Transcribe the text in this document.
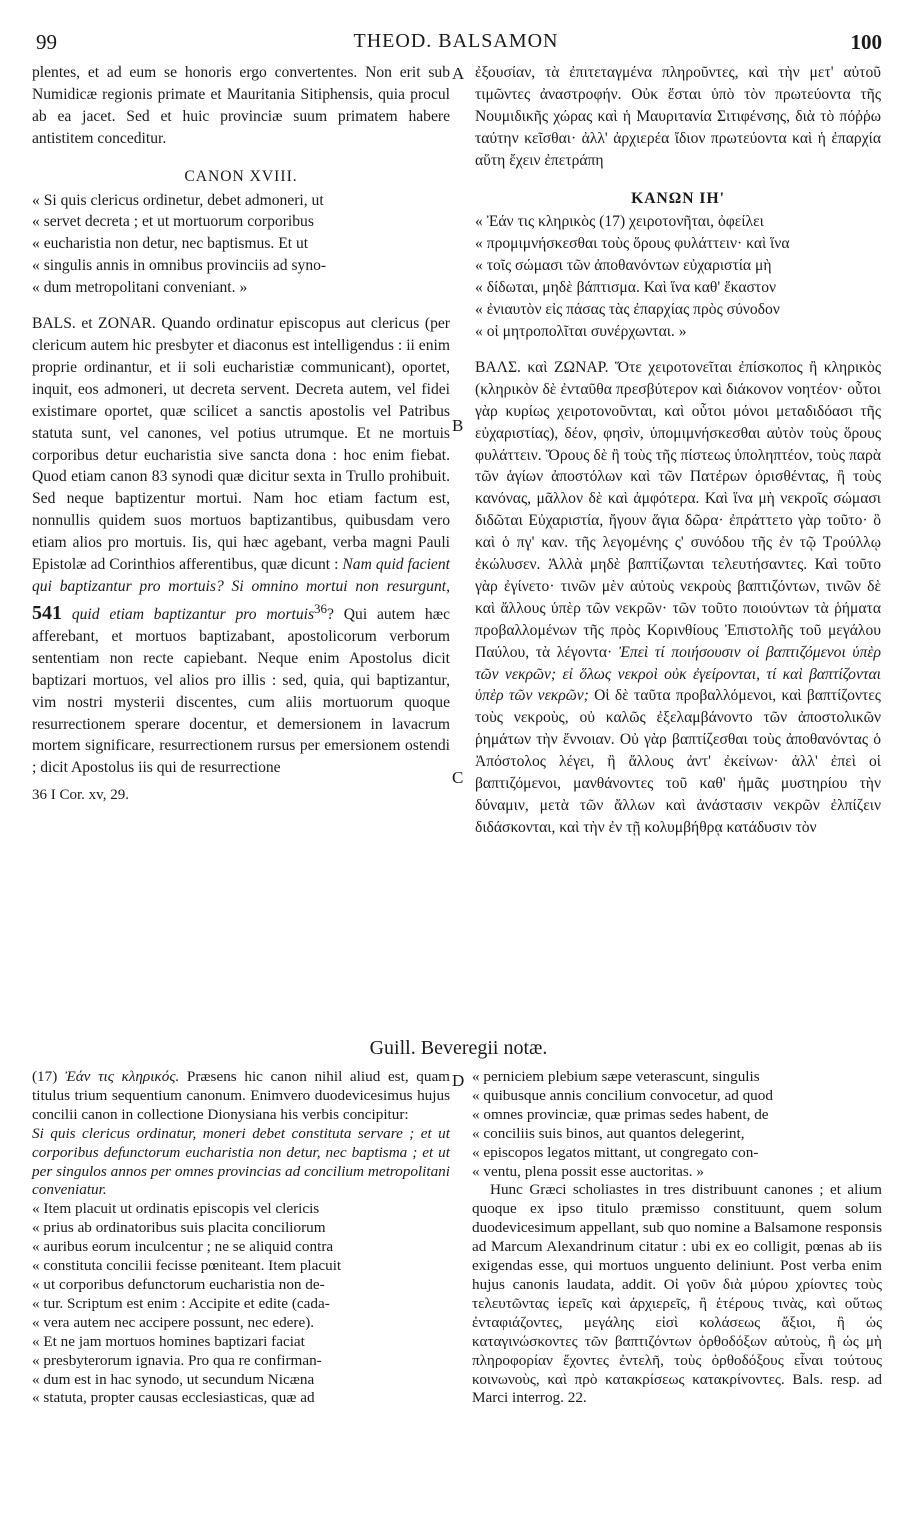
99	THEOD. BALSAMON	100
A
B
C
D

plentes, et ad eum se honoris ergo convertentes. Non erit sub Numidicæ regionis primate et Mauritania Sitiphensis, quia procul ab ea jacet. Sed et huic provinciæ suum primatem habere antistitem conceditur.

CANON XVIII.

« Si quis clericus ordinetur, debet admoneri, ut

« servet decreta ; et ut mortuorum corporibus

« eucharistia non detur, nec baptismus. Et ut

« singulis annis in omnibus provinciis ad syno-

« dum metropolitani conveniant. »

BALS. et ZONAR. Quando ordinatur episcopus aut clericus (per clericum autem hic presbyter et diaconus est intelligendus : ii enim proprie ordinantur, et ii soli eucharistiæ communicant), oportet, inquit, eos admoneri, ut decreta servent. Decreta autem, vel fidei existimare oportet, quæ scilicet a sanctis apostolis vel Patribus statuta sunt, vel canones, vel potius utrumque. Et ne mortuis corporibus detur eucharistia sive sancta dona : hoc enim fiebat. Quod etiam canon 83 synodi quæ dicitur sexta in Trullo prohibuit. Sed neque baptizentur mortui. Nam hoc etiam factum est, nonnullis quidem suos mortuos baptizantibus, quibusdam vero etiam alios pro mortuis. Iis, qui hæc agebant, verba magni Pauli Epistolæ ad Corinthios afferentibus, quæ dicunt : Nam quid facient qui baptizantur pro mortuis? Si omnino mortui non resurgunt, 541 quid etiam baptizantur pro mortuis$^{36}$? Qui autem hæc afferebant, et mortuos baptizabant, apostolicorum verborum sententiam non recte capiebant. Neque enim Apostolus dicit baptizari mortuos, vel alios pro illis : sed, quia, qui baptizantur, vim nostri mysterii discentes, cum aliis mortuorum quoque resurrectionem sperare docentur, et demersionem in lavacrum mortem significare, resurrectionem rursus per emersionem ostendi ; dicit Apostolus iis qui de resurrectione

36 I Cor. xv, 29.

ἐξουσίαν, τὰ ἐπιτεταγμένα πληροῦντες, καὶ τὴν μετ' αὐτοῦ τιμῶντες ἀναστροφήν. Οὐκ ἔσται ὑπὸ τὸν πρωτεύοντα τῆς Νουμιδικῆς χώρας καὶ ἡ Μαυριτανία Σιτιφένσης, διὰ τὸ πόῤῥω ταύτην κεῖσθαι· ἀλλ' ἀρχιερέα ἴδιον πρωτεύοντα καὶ ἡ ἐπαρχία αὕτη ἔχειν ἐπετράπη

ΚΑΝΩΝ ΙΗ'

« Ἐάν τις κληρικὸς (17) χειροτονῆται, ὀφείλει

« προμιμνήσκεσθαι τοὺς ὅρους φυλάττειν· καὶ ἵνα

« τοῖς σώμασι τῶν ἀποθανόντων εὐχαριστία μὴ

« δίδωται, μηδὲ βάπτισμα. Καὶ ἵνα καθ' ἕκαστον

« ἐνιαυτὸν εἰς πάσας τὰς ἐπαρχίας πρὸς σύνοδον

« οἱ μητροπολῖται συνέρχωνται. »

ΒΑΛΣ. καὶ ΖΩΝΑΡ. Ὅτε χειροτονεῖται ἐπίσκοπος ἢ κληρικὸς (κληρικὸν δὲ ἐνταῦθα πρεσβύτερον καὶ διάκονον νοητέον· οὗτοι γὰρ κυρίως χειροτονοῦνται, καὶ οὗτοι μόνοι μεταδιδόασι τῆς εὐχαριστίας), δέον, φησὶν, ὑπομιμνήσκεσθαι αὐτὸν τοὺς ὅρους φυλάττειν. Ὅρους δὲ ἢ τοὺς τῆς πίστεως ὑποληπτέον, τοὺς παρὰ τῶν ἁγίων ἀποστόλων καὶ τῶν Πατέρων ὁρισθέντας, ἢ τοὺς κανόνας, μᾶλλον δὲ καὶ ἀμφότερα. Καὶ ἵνα μὴ νεκροῖς σώμασι διδῶται Εὐχαριστία, ἤγουν ἅγια δῶρα· ἐπράττετο γὰρ τοῦτο· ὃ καὶ ὁ πγ' καν. τῆς λεγομένης ς' συνόδου τῆς ἐν τῷ Τρούλλῳ ἐκώλυσεν. Ἀλλὰ μηδὲ βαπτίζωνται τελευτήσαντες. Καὶ τοῦτο γὰρ ἐγίνετο· τινῶν μὲν αὐτοὺς νεκροὺς βαπτιζόντων, τινῶν δὲ καὶ ἄλλους ὑπὲρ τῶν νεκρῶν· τῶν τοῦτο ποιούντων τὰ ῥήματα προβαλλομένων τῆς πρὸς Κορινθίους Ἐπιστολῆς τοῦ μεγάλου Παύλου, τὰ λέγοντα· Ἐπεὶ τί ποιήσουσιν οἱ βαπτιζόμενοι ὑπὲρ τῶν νεκρῶν; εἰ ὅλως νεκροὶ οὐκ ἐγείρονται, τί καὶ βαπτίζονται ὑπὲρ τῶν νεκρῶν; Οἱ δὲ ταῦτα προβαλλόμενοι, καὶ βαπτίζοντες τοὺς νεκροὺς, οὐ καλῶς ἐξελαμβάνοντο τῶν ἀποστολικῶν ῥημάτων τὴν ἔννοιαν. Οὐ γὰρ βαπτίζεσθαι τοὺς ἀποθανόντας ὁ Ἀπόστολος λέγει, ἢ ἄλλους ἀντ' ἐκείνων· ἀλλ' ἐπεὶ οἱ βαπτιζόμενοι, μανθάνοντες τοῦ καθ' ἡμᾶς μυστηρίου τὴν δύναμιν, μετὰ τῶν ἄλλων καὶ ἀνάστασιν νεκρῶν ἐλπίζειν διδάσκονται, καὶ τὴν ἐν τῇ κολυμβήθρᾳ κατάδυσιν τὸν

Guill. Beveregii notæ.

(17) Ἐάν τις κληρικός. Præsens hic canon nihil aliud est, quam titulus trium sequentium canonum. Enimvero duodevicesimus hujus concilii canon in collectione Dionysiana his verbis concipitur:

Si quis clericus ordinatur, moneri debet constituta servare ; et ut corporibus defunctorum eucharistia non detur, nec baptisma ; et ut per singulos annos per omnes provincias ad concilium metropolitani conveniatur.

« Item placuit ut ordinatis episcopis vel clericis

« prius ab ordinatoribus suis placita conciliorum

« auribus eorum inculcentur ; ne se aliquid contra

« constituta concilii fecisse pœniteant. Item placuit

« ut corporibus defunctorum eucharistia non de-

« tur. Scriptum est enim : Accipite et edite (cada-

« vera autem nec accipere possunt, nec edere).

« Et ne jam mortuos homines baptizari faciat

« presbyterorum ignavia. Pro qua re confirman-

« dum est in hac synodo, ut secundum Nicæna

« statuta, propter causas ecclesiasticas, quæ ad

« perniciem plebium sæpe veterascunt, singulis

« quibusque annis concilium convocetur, ad quod

« omnes provinciæ, quæ primas sedes habent, de

« conciliis suis binos, aut quantos delegerint,

« episcopos legatos mittant, ut congregato con-

« ventu, plena possit esse auctoritas. »

Hunc Græci scholiastes in tres distribuunt canones ; et alium quoque ex ipso titulo præmisso constituunt, quem solum duodevicesimum appellant, sub quo nomine a Balsamone responsis ad Marcum Alexandrinum citatur : ubi ex eo colligit, pœnas ab iis exigendas esse, qui mortuos unguento deliniunt. Post verba enim hujus canonis laudata, addit. Οἱ γοῦν διὰ μύρου χρίοντες τοὺς τελευτῶντας ἱερεῖς καὶ ἀρχιερεῖς, ἢ ἑτέρους τινὰς, καὶ οὕτως ἐνταφιάζοντες, μεγάλης εἰσὶ κολάσεως ἄξιοι, ἢ ὡς καταγινώσκοντες τῶν βαπτιζόντων ὀρθοδόξων αὐτοὺς, ἢ ὡς μὴ πληροφορίαν ἔχοντες ἐντελῆ, τοὺς ὀρθοδόξους εἶναι τούτους κοινωνοὺς, καὶ πρὸ κατακρίσεως κατακρίνοντες. Bals. resp. ad Marci interrog. 22.
